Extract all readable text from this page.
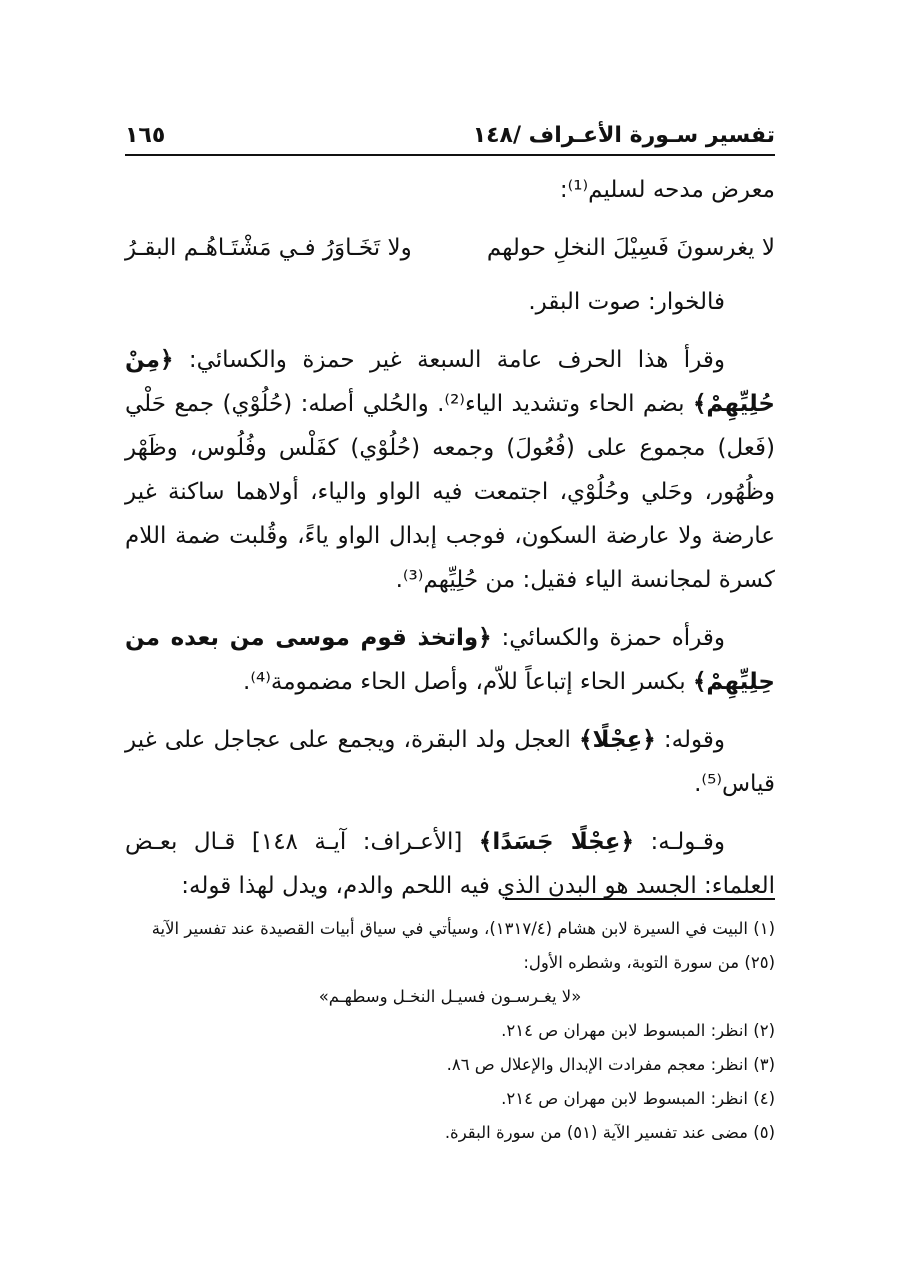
تفسير سـورة الأعـراف /١٤٨
١٦٥

معرض مدحه لسليم⁽¹⁾:

لا يغرسونَ فَسِيْلَ النخلِ حولهم
ولا تَخَـاوَرُ فـي مَشْتَـاهُـم البقـرُ

فالخوار: صوت البقر.

وقرأ هذا الحرف عامة السبعة غير حمزة والكسائي: ﴿مِنْ حُلِيِّهِمْ﴾ بضم الحاء وتشديد الياء⁽²⁾. والحُلي أصله: (حُلُوْي) جمع حَلْي (فَعل) مجموع على (فُعُولَ) وجمعه (حُلُوْي) كفَلْس وفُلُوس، وظَهْر وظُهُور، وحَلي وحُلُوْي، اجتمعت فيه الواو والياء، أولاهما ساكنة غير عارضة ولا عارضة السكون، فوجب إبدال الواو ياءً، وقُلبت ضمة اللام كسرة لمجانسة الياء فقيل: من حُلِيِّهم⁽³⁾.

وقرأه حمزة والكسائي: ﴿واتخذ قوم موسى من بعده من حِلِيِّهِمْ﴾ بكسر الحاء إتباعاً للاّم، وأصل الحاء مضمومة⁽⁴⁾.

وقوله: ﴿عِجْلًا﴾ العجل ولد البقرة، ويجمع على عجاجل على غير قياس⁽⁵⁾.

وقـولـه: ﴿عِجْلًا جَسَدًا﴾ [الأعـراف: آيـة ١٤٨] قـال بعـض العلماء: الجسد هو البدن الذي فيه اللحم والدم، ويدل لهذا قوله:

(١) البيت في السيرة لابن هشام (١٣١٧/٤)، وسيأتي في سياق أبيات القصيدة عند تفسير الآية (٢٥) من سورة التوبة، وشطره الأول:

«لا يغـرسـون فسيـل النخـل وسطهـم»

(٢) انظر: المبسوط لابن مهران ص ٢١٤.

(٣) انظر: معجم مفرادت الإبدال والإعلال ص ٨٦.

(٤) انظر: المبسوط لابن مهران ص ٢١٤.

(٥) مضى عند تفسير الآية (٥١) من سورة البقرة.
